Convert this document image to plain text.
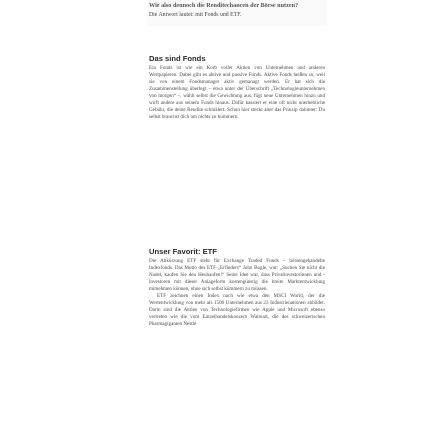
Wie also dennoch die Renditechancen der Börse nutzen?
Die Antwort lautet: mit Fonds und ETF.
Das sind Fonds

Ein Fonds ist wie ein Korb voller Aktien von Unternehmen und anderen Wertpapieren. Dabei gibt es aktive und passive Fonds. Aktive Fonds heißen so, weil sie von einem Fondsmanager aktiv gemanagt werden. Er hat sich die Zusammenstellung überlegt – etwa unter der Überschrift „Technologieunternehmen von morgen“ –, wählt selbst die Gewichtung aus, fügt neue Unternehmen hinzu und wirft andere aus seinem Fonds hinaus. Dafür kassiert er eine oft nicht unerhebliche Gebühr, die deine Rendite schmälert. Schon hier steckt aber das Prinzip dahinter: Du selbst brauchst dich um nichts zu kümmern.

Unser Favorit: ETF

Die Abkürzung ETF steht für Exchange Traded Funds – börsengehandelte Indexfonds. Das Motto des ETF-„Erfinders“ John Bogle, war: „Suchen Sie nicht die Nadel, kaufen Sie den Heuhaufen!“ Seine Idee war, dass Privatinvestorinnen und -investoren mit dieser Anlageform kostengünstig die breite Marktentwicklung mitnehmen können, ohne sich selbst kümmern zu müssen.

ETF zeichnen einen Index nach wie etwa den MSCI World, der die Wertentwicklung von mehr als 1500 Unternehmen aus 23 Industrienationen abbildet. Darin sind die Aktien von Technologiefirmen wie Apple und Microsoft ebenso vertreten wie die vom Einzelhandelskonzern Walmart, die des schweizerischen Pharmagiganten Nestlé
